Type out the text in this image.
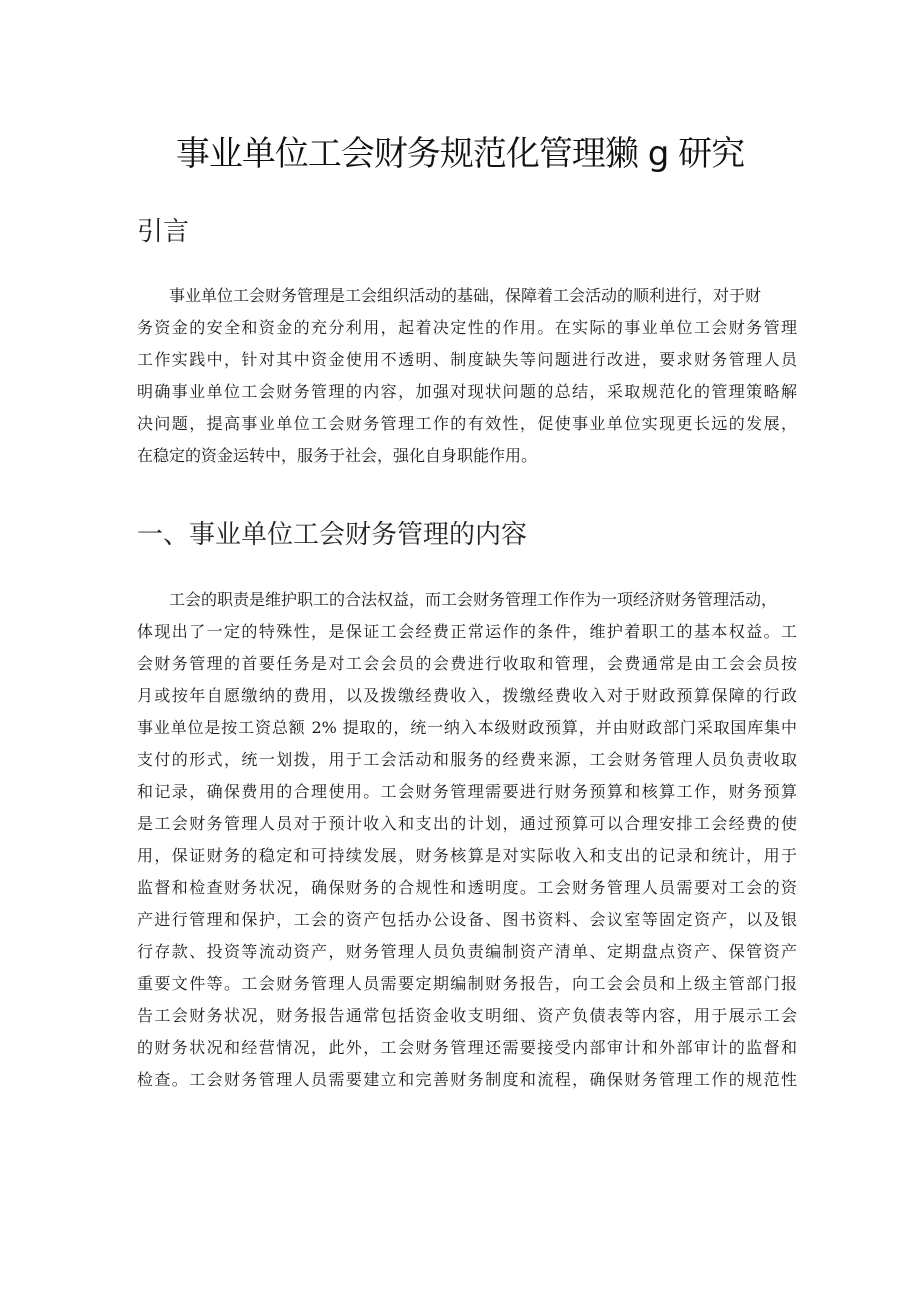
事业单位工会财务规范化管理獭 g 研究
引言
事业单位工会财务管理是工会组织活动的基础，保障着工会活动的顺利进行，对于财
务资金的安全和资金的充分利用，起着决定性的作用。在实际的事业单位工会财务管理
工作实践中，针对其中资金使用不透明、制度缺失等问题进行改进，要求财务管理人员
明确事业单位工会财务管理的内容，加强对现状问题的总结，采取规范化的管理策略解
决问题，提高事业单位工会财务管理工作的有效性，促使事业单位实现更长远的发展，
在稳定的资金运转中，服务于社会，强化自身职能作用。
一、事业单位工会财务管理的内容
工会的职责是维护职工的合法权益，而工会财务管理工作作为一项经济财务管理活动，
体现出了一定的特殊性，是保证工会经费正常运作的条件，维护着职工的基本权益。工
会财务管理的首要任务是对工会会员的会费进行收取和管理，会费通常是由工会会员按
月或按年自愿缴纳的费用，以及拨缴经费收入，拨缴经费收入对于财政预算保障的行政
事业单位是按工资总额 2% 提取的，统一纳入本级财政预算，并由财政部门采取国库集中
支付的形式，统一划拨，用于工会活动和服务的经费来源，工会财务管理人员负责收取
和记录，确保费用的合理使用。工会财务管理需要进行财务预算和核算工作，财务预算
是工会财务管理人员对于预计收入和支出的计划，通过预算可以合理安排工会经费的使
用，保证财务的稳定和可持续发展，财务核算是对实际收入和支出的记录和统计，用于
监督和检查财务状况，确保财务的合规性和透明度。工会财务管理人员需要对工会的资
产进行管理和保护，工会的资产包括办公设备、图书资料、会议室等固定资产，以及银
行存款、投资等流动资产，财务管理人员负责编制资产清单、定期盘点资产、保管资产
重要文件等。工会财务管理人员需要定期编制财务报告，向工会会员和上级主管部门报
告工会财务状况，财务报告通常包括资金收支明细、资产负债表等内容，用于展示工会
的财务状况和经营情况，此外，工会财务管理还需要接受内部审计和外部审计的监督和
检查。工会财务管理人员需要建立和完善财务制度和流程，确保财务管理工作的规范性
